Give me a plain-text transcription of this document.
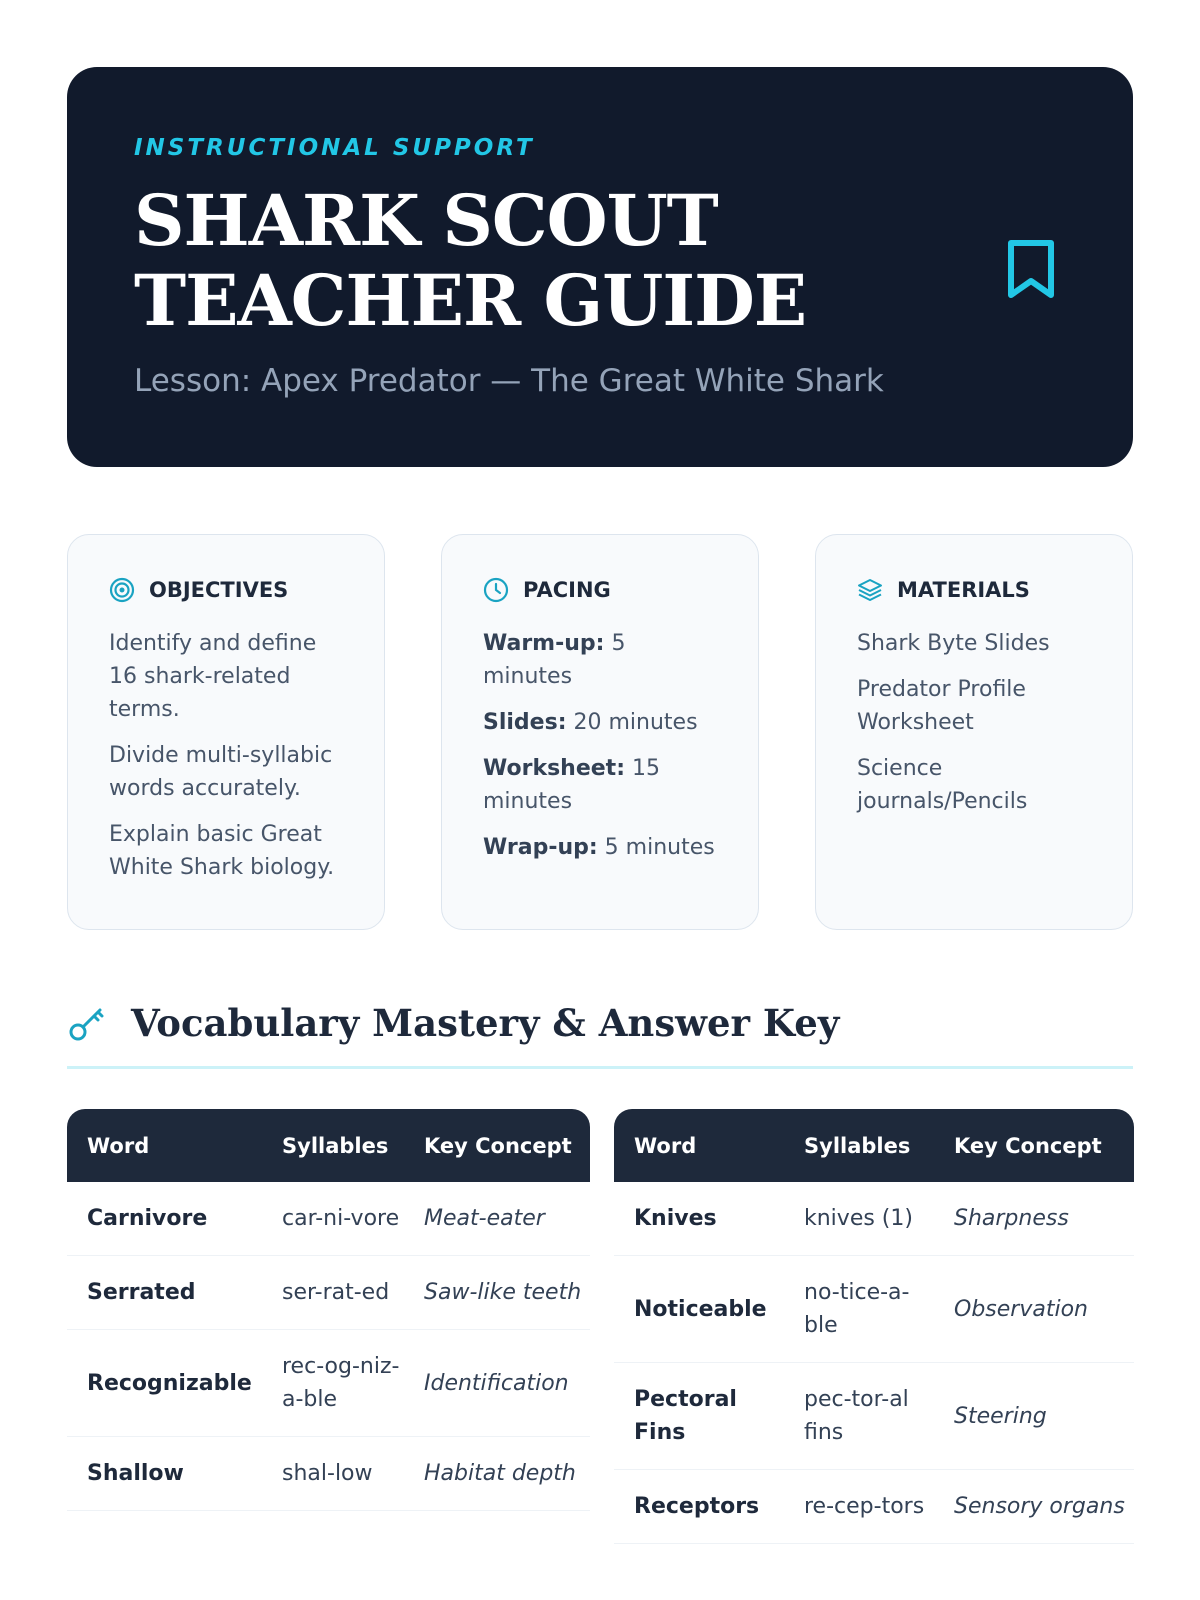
INSTRUCTIONAL SUPPORT

SHARK SCOUT TEACHER GUIDE

Lesson: Apex Predator — The Great White Shark

OBJECTIVES

Identify and define 16 shark-related terms.

Divide multi-syllabic words accurately.

Explain basic Great White Shark biology.

PACING

Warm-up: 5 minutes

Slides: 20 minutes

Worksheet: 15 minutes

Wrap-up: 5 minutes

MATERIALS

Shark Byte Slides

Predator Profile Worksheet

Science journals/Pencils

Vocabulary Mastery & Answer Key
Word	Syllables	Key Concept
Carnivore	car-ni-vore	Meat-eater
Serrated	ser-rat-ed	Saw-like teeth
Recognizable	rec-og-niz-a-ble	Identification
Shallow	shal-low	Habitat depth
Word	Syllables	Key Concept
Knives	knives (1)	Sharpness
Noticeable	no-tice-a-ble	Observation
Pectoral Fins	pec-tor-al fins	Steering
Receptors	re-cep-tors	Sensory organs
